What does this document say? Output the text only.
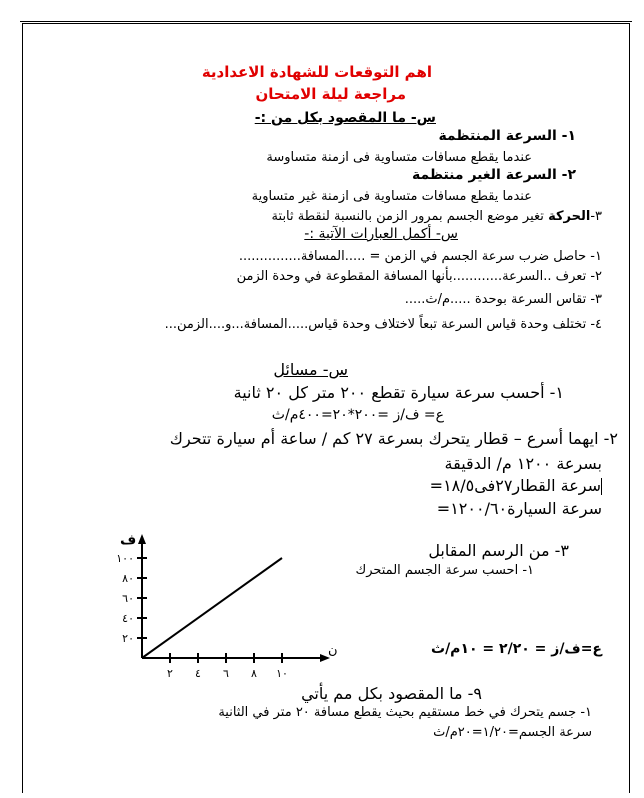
اهم التوقعات للشهادة الاعدادية
مراجعة ليلة الامتحان
س- ما المقصود بكل من :-
١- السرعة المنتظمة
عندما يقطع مسافات متساوية فى ازمنة متساوسة
٢- السرعة الغير منتظمة
عندما يقطع مسافات متساوية فى ازمنة غير متساوية
٣-الحركة تغير موضع الجسم بمرور الزمن بالنسبة لنقطة ثابتة
س- أكمل العبارات الآتية :-
١- حاصل ضرب سرعة الجسم في الزمن = .....المسافة...............
٢- تعرف ..السرعة............بأنها المسافة المقطوعة في وحدة الزمن
٣- تقاس السرعة بوحدة .....م/ث.....
٤- تختلف وحدة قياس السرعة تبعاً لاختلاف وحدة قياس.....المسافة...و....الزمن...
س- مسائل
١- أحسب سرعة سيارة تقطع ٢٠٠ متر كل ٢٠ ثانية
ع= ف/ز =٢٠٠*٢٠=٤٠٠م/ث
٢- ايهما أسرع – قطار يتحرك بسرعة ٢٧ كم / ساعة أم سيارة تتحرك
بسرعة ١٢٠٠ م/ الدقيقة
سرعة القطار٢٧فى١٨/٥=
سرعة السيارة١٢٠٠/٦٠=
٣- من الرسم المقابل
١- احسب سرعة الجسم المتحرك
ع=ف/ز = ٢/٢٠ = ١٠م/ث
٢ ٤ ٦ ٨ ١٠
٢٠
٤٠
٦٠
٨٠
١٠٠
ف
ن
٩- ما المقصود بكل مم يأتي
١- جسم يتحرك في خط مستقيم بحيث يقطع مسافة ٢٠ متر في الثانية
سرعة الجسم=١/٢٠=٢٠م/ث
